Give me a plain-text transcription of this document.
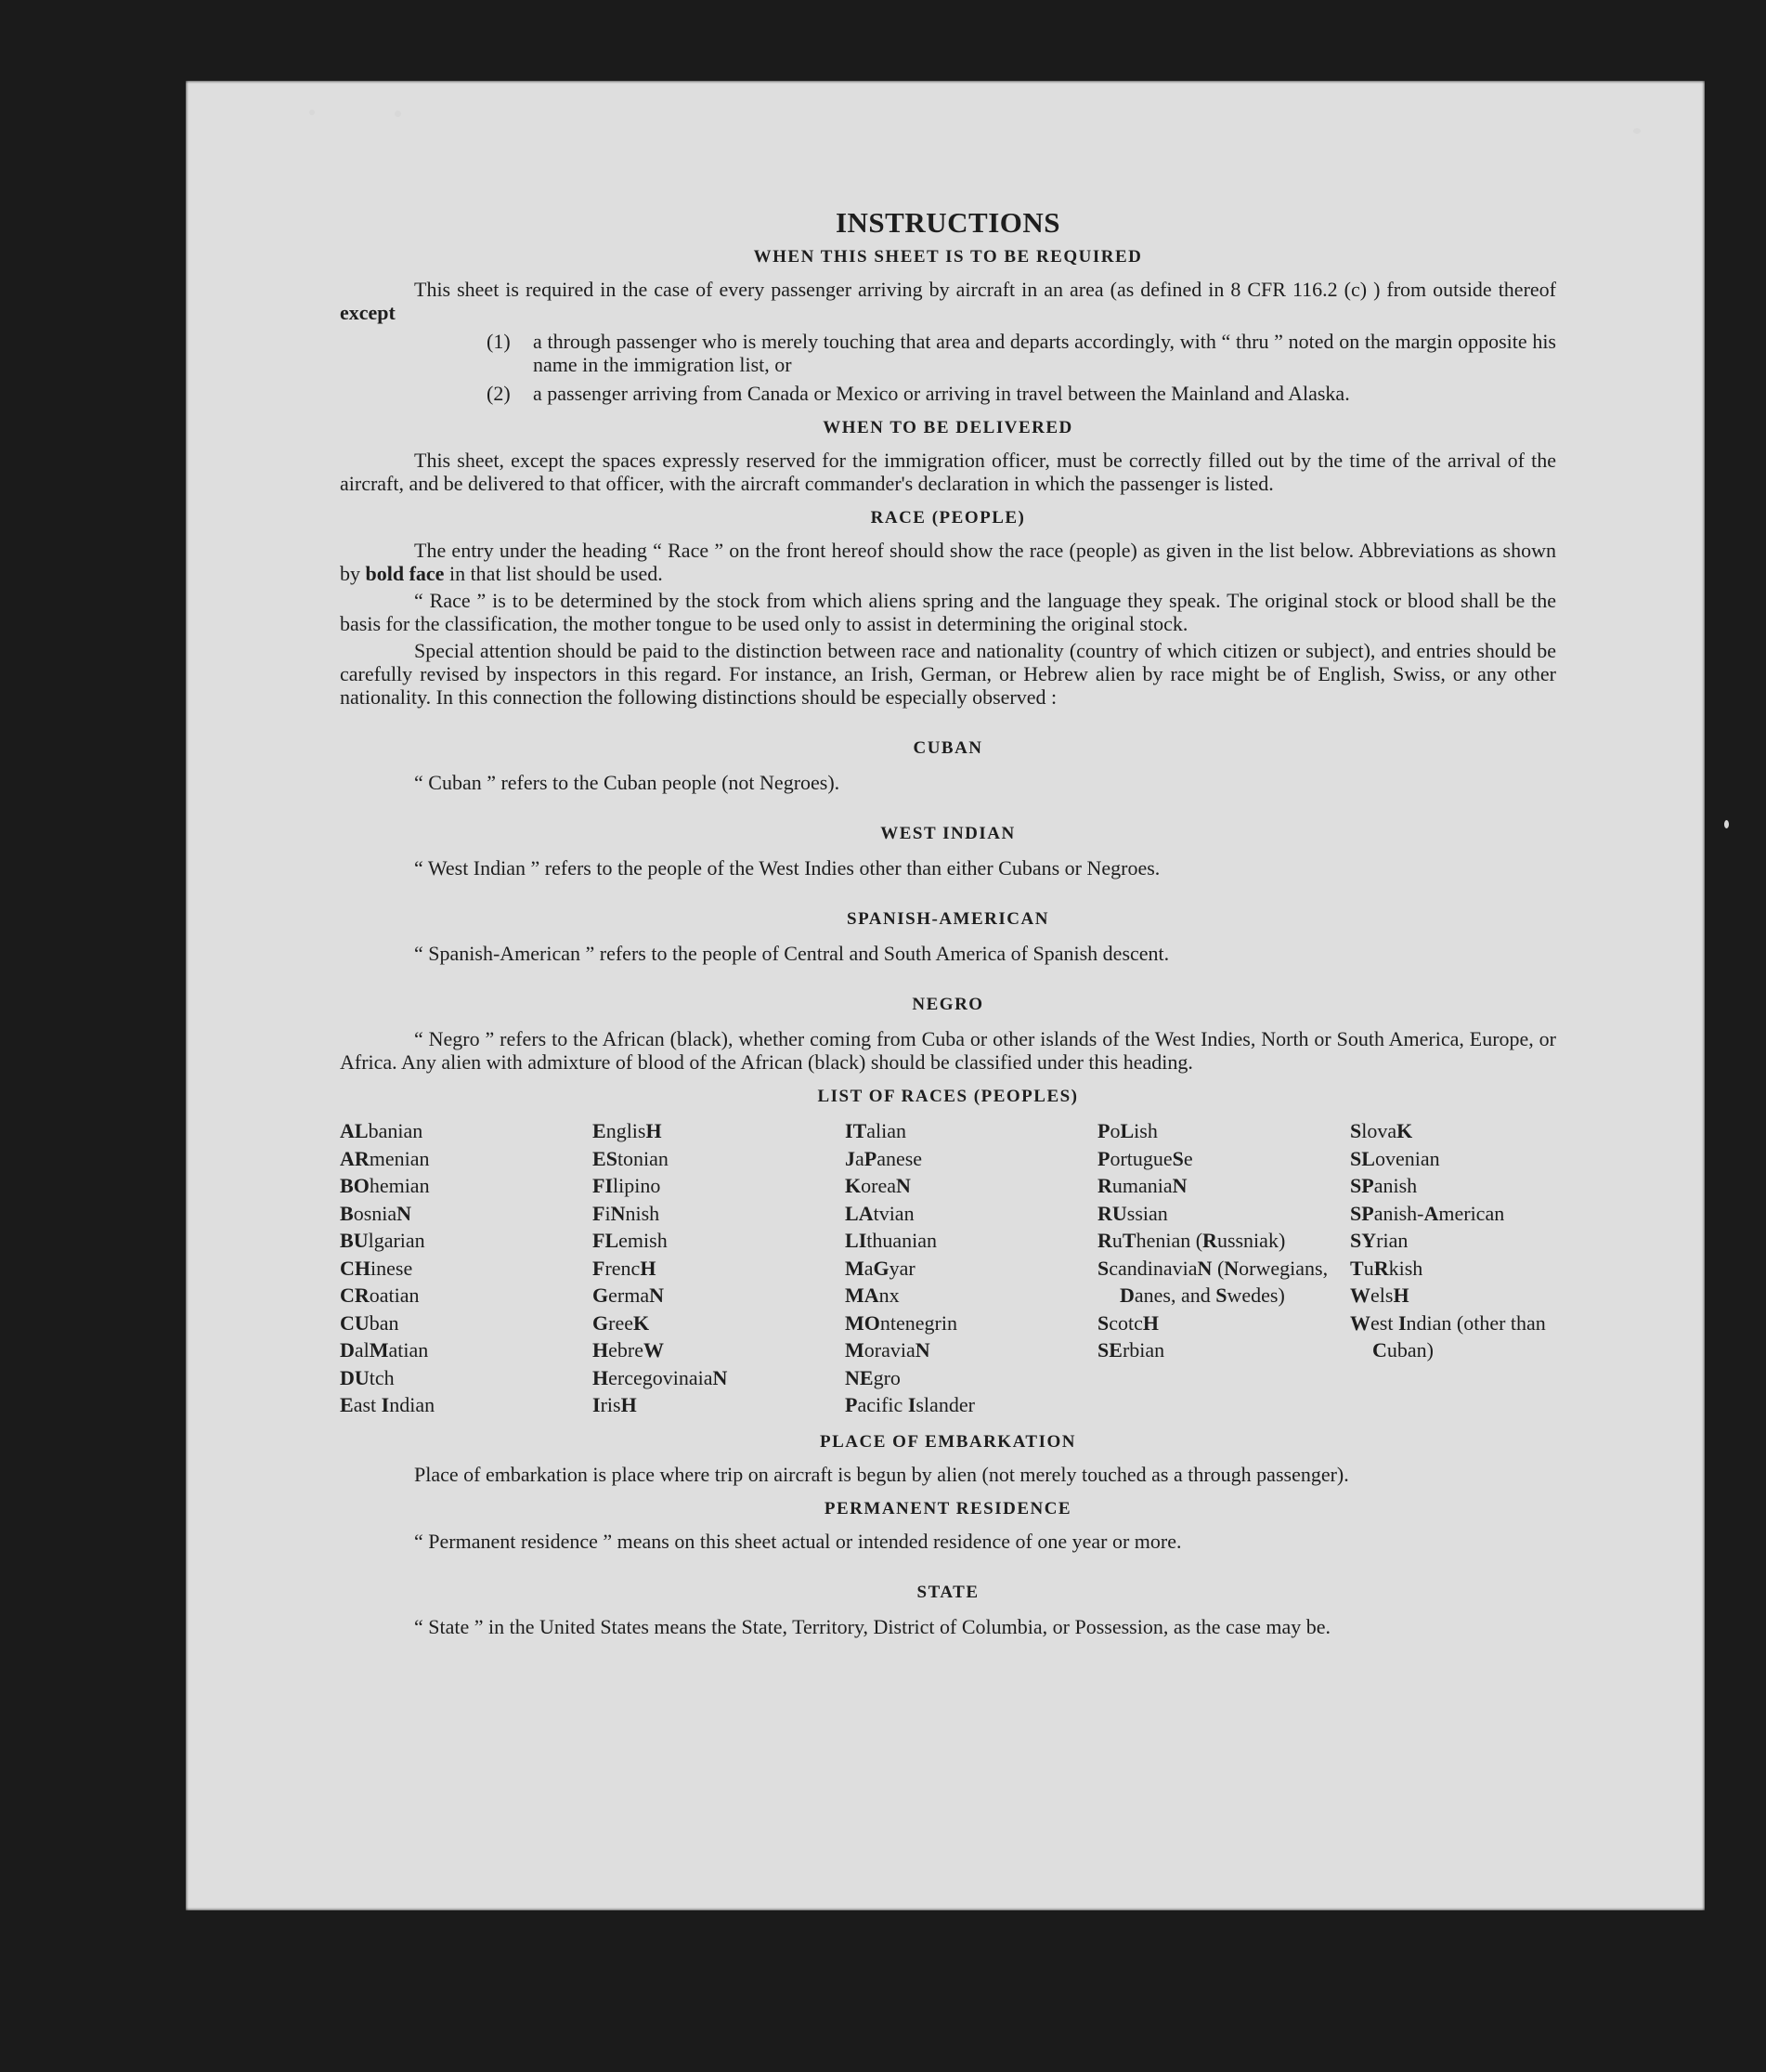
INSTRUCTIONS
WHEN THIS SHEET IS TO BE REQUIRED

This sheet is required in the case of every passenger arriving by aircraft in an area (as defined in 8 CFR 116.2 (c) ) from outside thereof except

(1)	a through passenger who is merely touching that area and departs accordingly, with “ thru ” noted on the margin opposite his name in the immigration list, or
(2)	a passenger arriving from Canada or Mexico or arriving in travel between the Mainland and Alaska.
WHEN TO BE DELIVERED

This sheet, except the spaces expressly reserved for the immigration officer, must be correctly filled out by the time of the arrival of the aircraft, and be delivered to that officer, with the aircraft commander's declaration in which the passenger is listed.

RACE (PEOPLE)

The entry under the heading “ Race ” on the front hereof should show the race (people) as given in the list below. Abbreviations as shown by bold face in that list should be used.

“ Race ” is to be determined by the stock from which aliens spring and the language they speak. The original stock or blood shall be the basis for the classification, the mother tongue to be used only to assist in determining the original stock.

Special attention should be paid to the distinction between race and nationality (country of which citizen or subject), and entries should be carefully revised by inspectors in this regard. For instance, an Irish, German, or Hebrew alien by race might be of English, Swiss, or any other nationality. In this connection the following distinctions should be especially observed :

CUBAN

“ Cuban ” refers to the Cuban people (not Negroes).

WEST INDIAN

“ West Indian ” refers to the people of the West Indies other than either Cubans or Negroes.

SPANISH-AMERICAN

“ Spanish-American ” refers to the people of Central and South America of Spanish descent.

NEGRO

“ Negro ” refers to the African (black), whether coming from Cuba or other islands of the West Indies, North or South America, Europe, or Africa. Any alien with admixture of blood of the African (black) should be classified under this heading.

LIST OF RACES (PEOPLES)
ALbanian
ARmenian
BOhemian
BosniaN
BUlgarian
CHinese
CRoatian
CUban
DalMatian
DUtch
East Indian
EnglisH
EStonian
FIlipino
FiNnish
FLemish
FrencH
GermaN
GreeK
HebreW
HercegovinaiaN
IrisH
ITalian
JaPanese
KoreaN
LAtvian
LIthuanian
MaGyar
MAnx
MOntenegrin
MoraviaN
NEgro
Pacific Islander
PoLish
PortugueSe
RumaniaN
RUssian
RuThenian (Russniak)
ScandinaviaN (Norwegians, Danes, and Swedes)
ScotcH
SErbian
SlovaK
SLovenian
SPanish
SPanish-American
SYrian
TuRkish
WelsH
West Indian (other than Cuban)
PLACE OF EMBARKATION

Place of embarkation is place where trip on aircraft is begun by alien (not merely touched as a through passenger).

PERMANENT RESIDENCE

“ Permanent residence ” means on this sheet actual or intended residence of one year or more.

STATE

“ State ” in the United States means the State, Territory, District of Columbia, or Possession, as the case may be.
